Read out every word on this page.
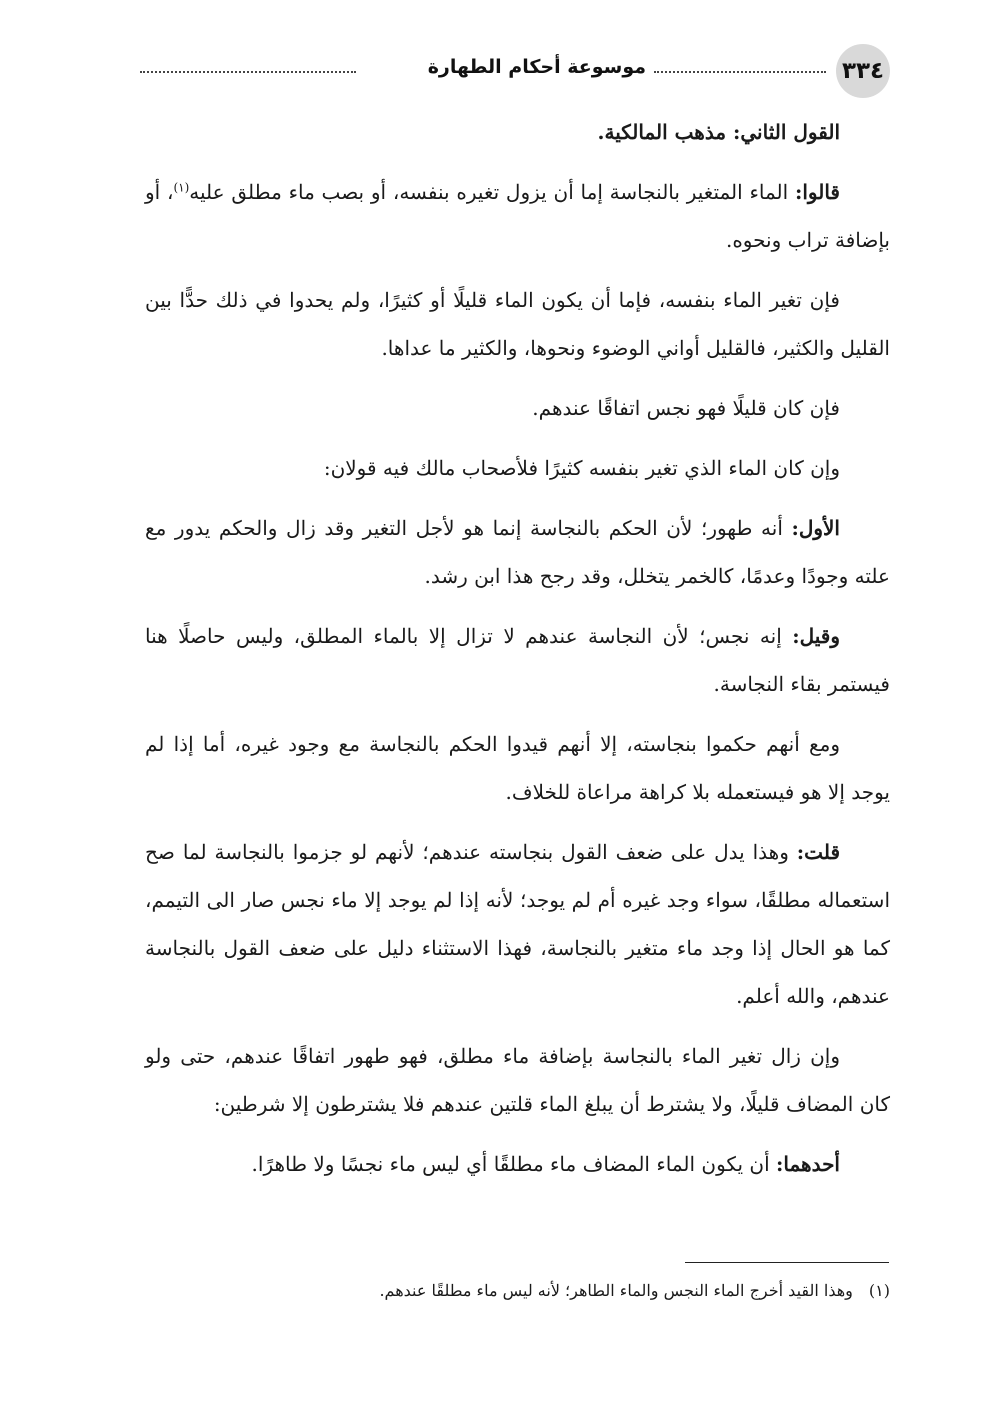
٣٣٤
موسوعة أحكام الطهارة

القول الثاني: مذهب المالكية.

قالوا: الماء المتغير بالنجاسة إما أن يزول تغيره بنفسه، أو بصب ماء مطلق عليه$^{(١)}$، أو بإضافة تراب ونحوه.

فإن تغير الماء بنفسه، فإما أن يكون الماء قليلًا أو كثيرًا، ولم يحدوا في ذلك حدًّا بين القليل والكثير، فالقليل أواني الوضوء ونحوها، والكثير ما عداها.

فإن كان قليلًا فهو نجس اتفاقًا عندهم.

وإن كان الماء الذي تغير بنفسه كثيرًا فلأصحاب مالك فيه قولان:

الأول: أنه طهور؛ لأن الحكم بالنجاسة إنما هو لأجل التغير وقد زال والحكم يدور مع علته وجودًا وعدمًا، كالخمر يتخلل، وقد رجح هذا ابن رشد.

وقيل: إنه نجس؛ لأن النجاسة عندهم لا تزال إلا بالماء المطلق، وليس حاصلًا هنا فيستمر بقاء النجاسة.

ومع أنهم حكموا بنجاسته، إلا أنهم قيدوا الحكم بالنجاسة مع وجود غيره، أما إذا لم يوجد إلا هو فيستعمله بلا كراهة مراعاة للخلاف.

قلت: وهذا يدل على ضعف القول بنجاسته عندهم؛ لأنهم لو جزموا بالنجاسة لما صح استعماله مطلقًا، سواء وجد غيره أم لم يوجد؛ لأنه إذا لم يوجد إلا ماء نجس صار الى التيمم، كما هو الحال إذا وجد ماء متغير بالنجاسة، فهذا الاستثناء دليل على ضعف القول بالنجاسة عندهم، والله أعلم.

وإن زال تغير الماء بالنجاسة بإضافة ماء مطلق، فهو طهور اتفاقًا عندهم، حتى ولو كان المضاف قليلًا، ولا يشترط أن يبلغ الماء قلتين عندهم فلا يشترطون إلا شرطين:

أحدهما: أن يكون الماء المضاف ماء مطلقًا أي ليس ماء نجسًا ولا طاهرًا.

(١)وهذا القيد أخرج الماء النجس والماء الطاهر؛ لأنه ليس ماء مطلقًا عندهم.
